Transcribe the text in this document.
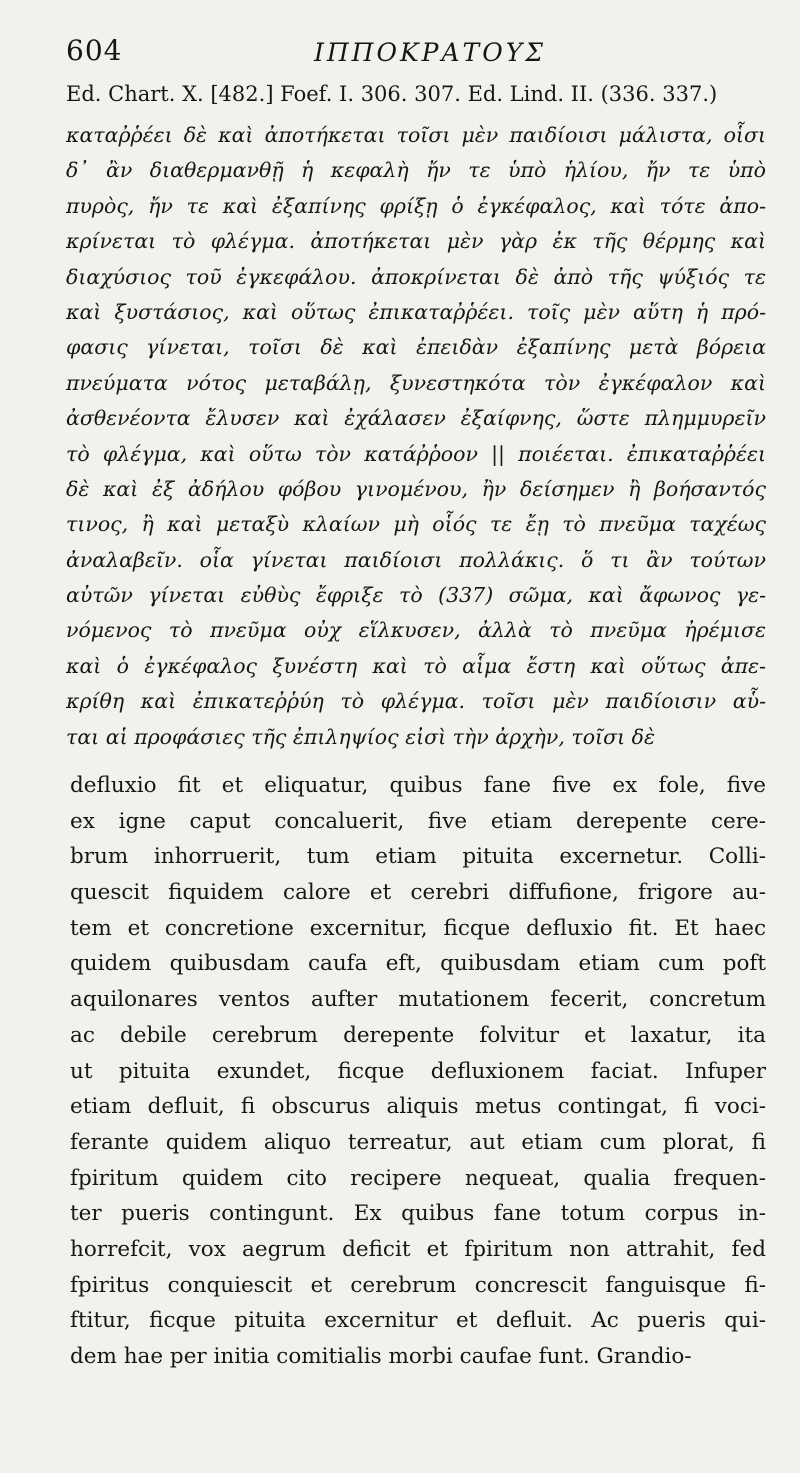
604	ΙΠΠΟΚΡΑΤΟΥΣ
Ed. Chart. X. [482.] Foef. I. 306. 307. Ed. Lind. II. (336. 337.)
καταῤῥέει δὲ καὶ ἀποτήκεται τοῖσι μὲν παιδίοισι μάλιστα, οἷσι
δ᾽ ἂν διαθερμανθῇ ἡ κεφαλὴ ἤν τε ὑπὸ ἡλίου, ἤν τε ὑπὸ
πυρὸς, ἤν τε καὶ ἐξαπίνης φρίξῃ ὁ ἐγκέφαλος, καὶ τότε ἀπο-
κρίνεται τὸ φλέγμα. ἀποτήκεται μὲν γὰρ ἐκ τῆς θέρμης καὶ
διαχύσιος τοῦ ἐγκεφάλου. ἀποκρίνεται δὲ ἀπὸ τῆς ψύξιός τε
καὶ ξυστάσιος, καὶ οὕτως ἐπικαταῤῥέει. τοῖς μὲν αὕτη ἡ πρό-
φασις γίνεται, τοῖσι δὲ καὶ ἐπειδὰν ἐξαπίνης μετὰ βόρεια
πνεύματα νότος μεταβάλῃ, ξυνεστηκότα τὸν ἐγκέφαλον καὶ
ἀσθενέοντα ἔλυσεν καὶ ἐχάλασεν ἐξαίφνης, ὥστε πλημμυρεῖν
τὸ φλέγμα, καὶ οὕτω τὸν κατάῤῥοον || ποιέεται. ἐπικαταῤῥέει
δὲ καὶ ἐξ ἀδήλου φόβου γινομένου, ἢν δείσημεν ἢ βοήσαντός
τινος, ἢ καὶ μεταξὺ κλαίων μὴ οἷός τε ἔῃ τὸ πνεῦμα ταχέως
ἀναλαβεῖν. οἷα γίνεται παιδίοισι πολλάκις. ὅ τι ἂν τούτων
αὐτῶν γίνεται εὐθὺς ἔφριξε τὸ (337) σῶμα, καὶ ἄφωνος γε-
νόμενος τὸ πνεῦμα οὐχ εἵλκυσεν, ἀλλὰ τὸ πνεῦμα ἠρέμισε
καὶ ὁ ἐγκέφαλος ξυνέστη καὶ τὸ αἷμα ἔστη καὶ οὕτως ἀπε-
κρίθη καὶ ἐπικατεῤῥύη τὸ φλέγμα. τοῖσι μὲν παιδίοισιν αὗ-
ται αἱ προφάσιες τῆς ἐπιληψίος εἰσὶ τὴν ἀρχὴν, τοῖσι δὲ
defluxio fit et eliquatur, quibus fane five ex fole, five
ex igne caput concaluerit, five etiam derepente cere-
brum inhorruerit, tum etiam pituita excernetur. Colli-
quescit fiquidem calore et cerebri diffufione, frigore au-
tem et concretione excernitur, ficque defluxio fit. Et haec
quidem quibusdam caufa eft, quibusdam etiam cum poft
aquilonares ventos aufter mutationem fecerit, concretum
ac debile cerebrum derepente folvitur et laxatur, ita
ut pituita exundet, ficque defluxionem faciat. Infuper
etiam defluit, fi obscurus aliquis metus contingat, fi voci-
ferante quidem aliquo terreatur, aut etiam cum plorat, fi
fpiritum quidem cito recipere nequeat, qualia frequen-
ter pueris contingunt. Ex quibus fane totum corpus in-
horrefcit, vox aegrum deficit et fpiritum non attrahit, fed
fpiritus conquiescit et cerebrum concrescit fanguisque fi-
ftitur, ficque pituita excernitur et defluit. Ac pueris qui-
dem hae per initia comitialis morbi caufae funt. Grandio-
